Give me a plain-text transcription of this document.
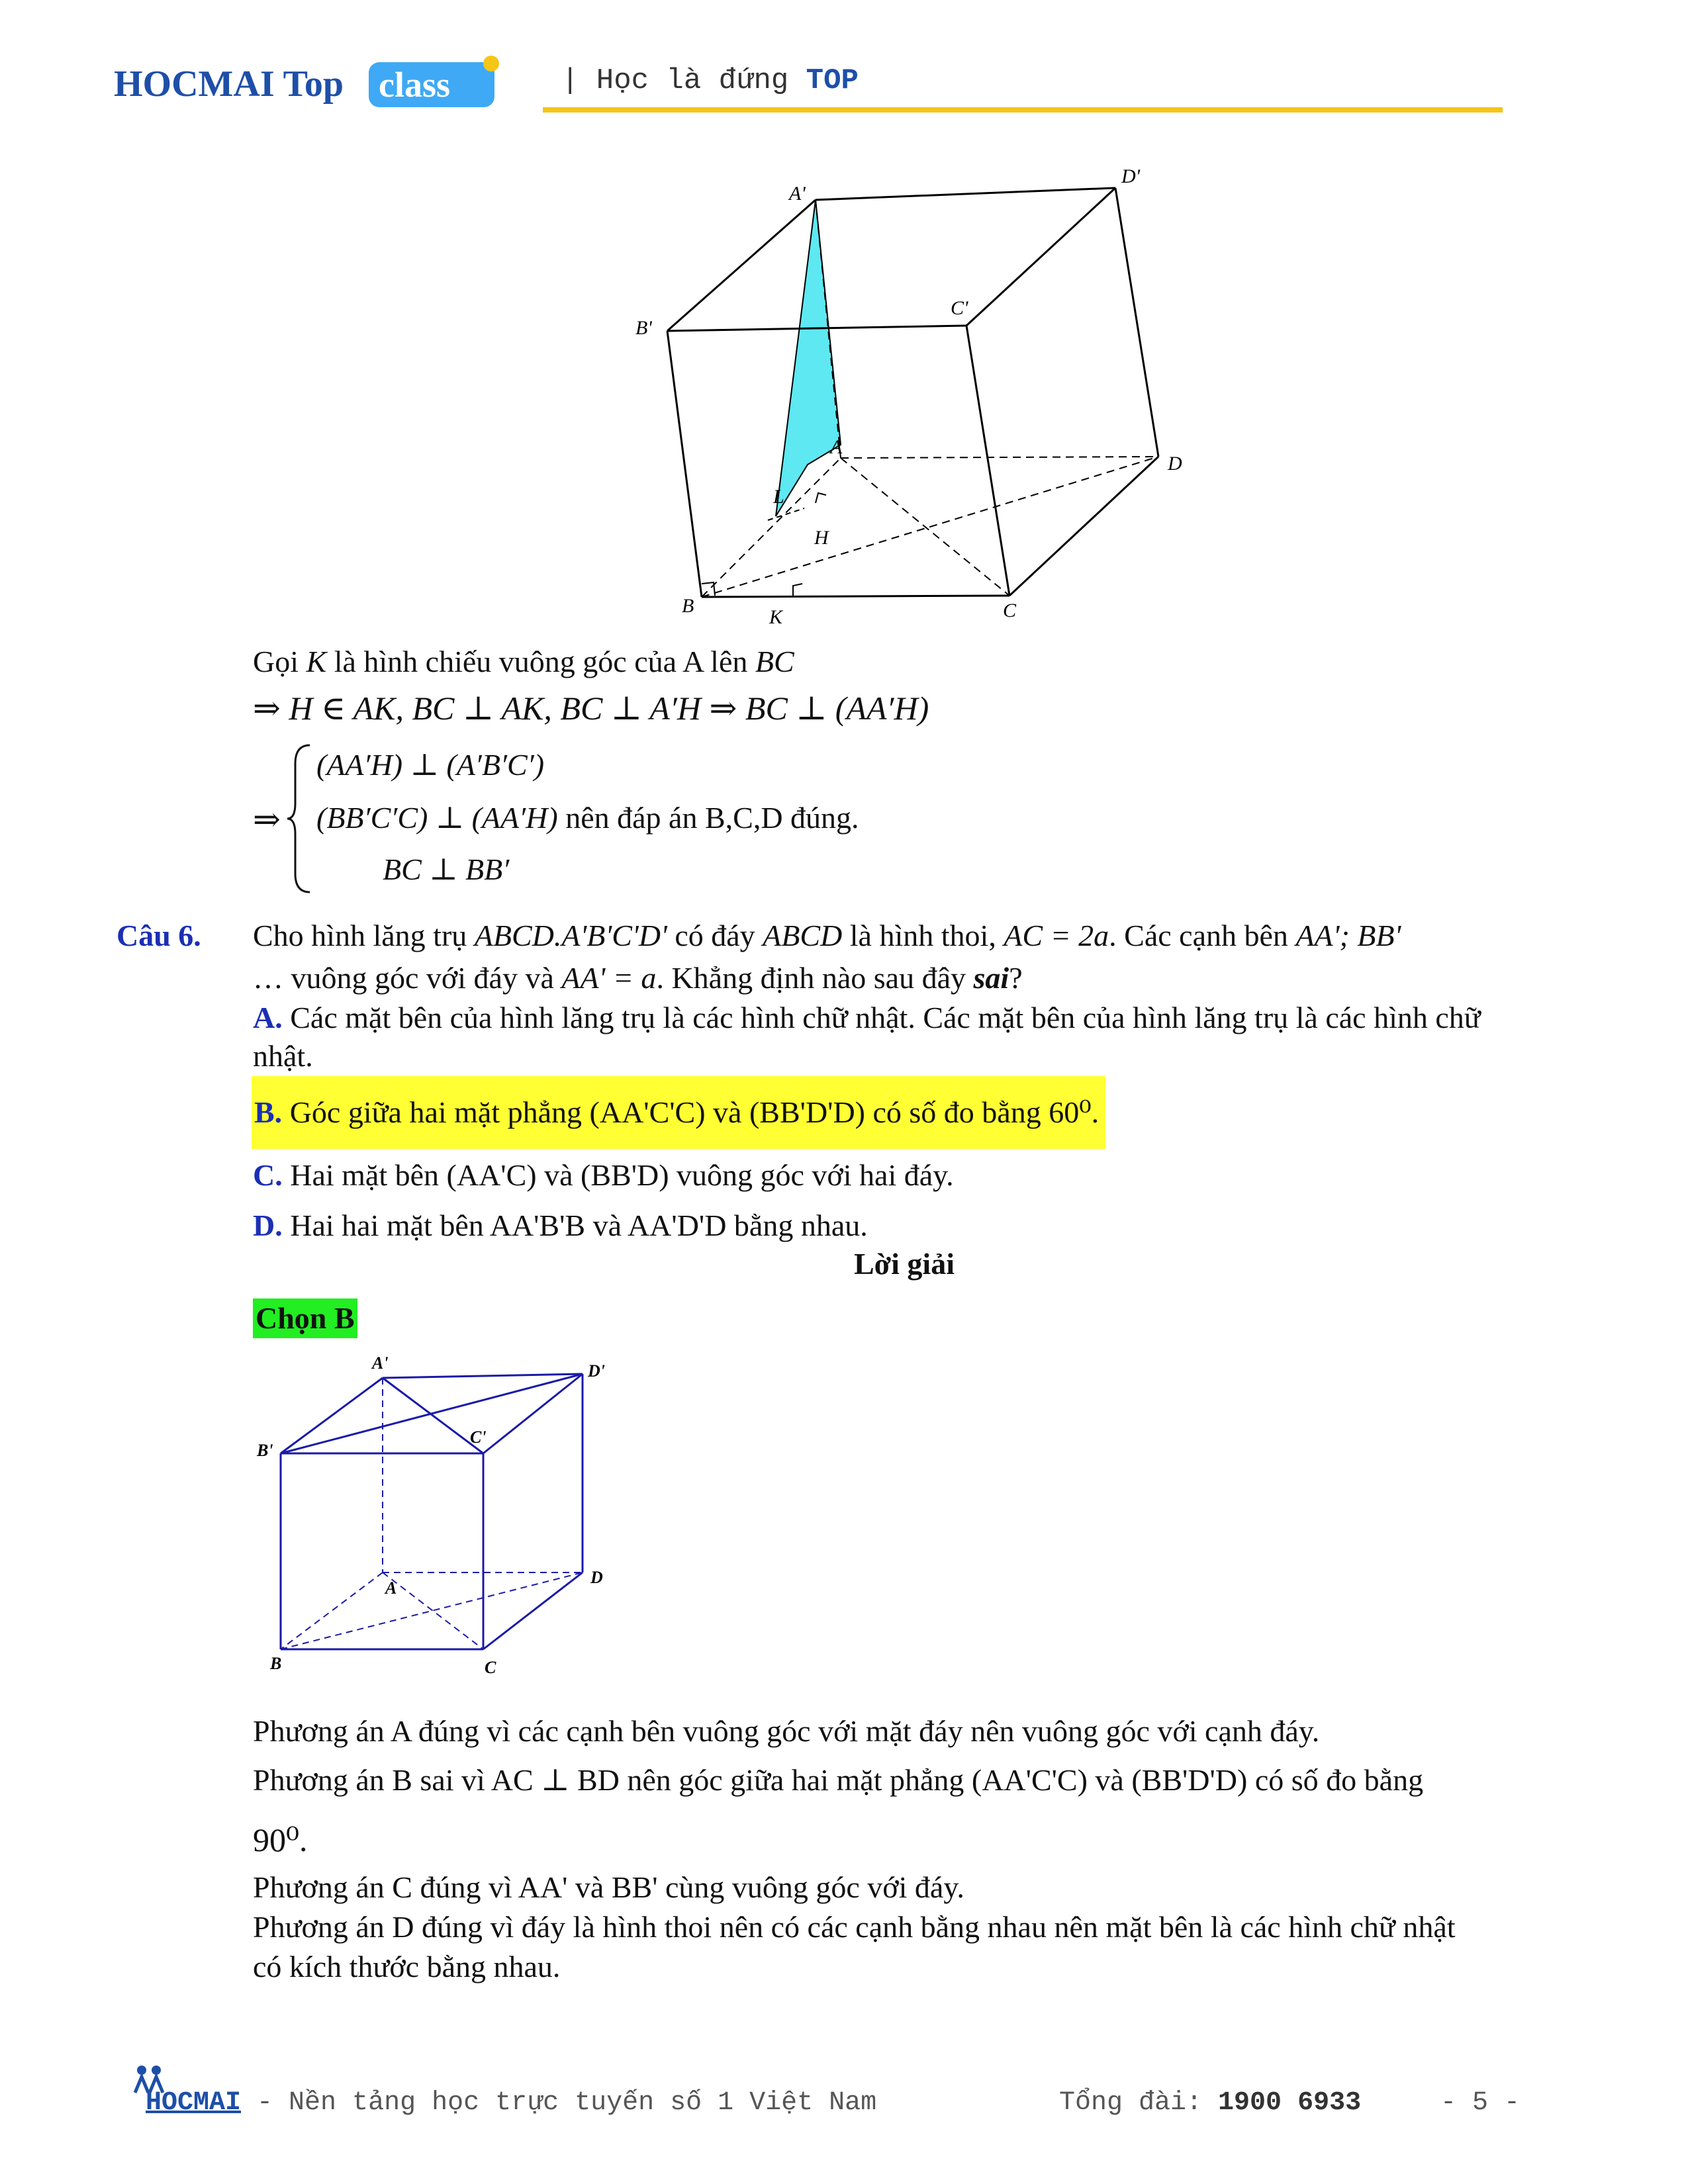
HOCMAI Top class	| Học là đứng TOP
A'
D'
B'
C'
A
D
L
H
B
K	C
Gọi K là hình chiếu vuông góc của A lên BC
⇒ H ∈ AK, BC ⊥ AK, BC ⊥ A′H ⇒ BC ⊥ (AA′H)
⇒
(AA′H) ⊥ (A′B′C′)
(BB′C′C) ⊥ (AA′H) nên đáp án B,C,D đúng.
BC ⊥ BB′
Câu 6. Cho hình lăng trụ ABCD.A'B'C'D' có đáy ABCD là hình thoi, AC = 2a. Các cạnh bên AA'; BB'
… vuông góc với đáy và AA' = a. Khẳng định nào sau đây sai?
A. Các mặt bên của hình lăng trụ là các hình chữ nhật. Các mặt bên của hình lăng trụ là các hình chữ
nhật.
B. Góc giữa hai mặt phẳng (AA'C'C) và (BB'D'D) có số đo bằng 60⁰.
C. Hai mặt bên (AA'C) và (BB'D) vuông góc với hai đáy.
D. Hai hai mặt bên AA'B'B và AA'D'D bằng nhau.
Lời giải
Chọn B
A'	D'
B'
C'
A
D
B	C
Phương án A đúng vì các cạnh bên vuông góc với mặt đáy nên vuông góc với cạnh đáy.
Phương án B sai vì AC ⊥ BD nên góc giữa hai mặt phẳng (AA'C'C) và (BB'D'D) có số đo bằng
90⁰.
Phương án C đúng vì AA' và BB' cùng vuông góc với đáy.
Phương án D đúng vì đáy là hình thoi nên có các cạnh bằng nhau nên mặt bên là các hình chữ nhật
có kích thước bằng nhau.
HOCMAI - Nền tảng học trực tuyến số 1 Việt Nam	Tổng đài: 1900 6933	- 5 -
